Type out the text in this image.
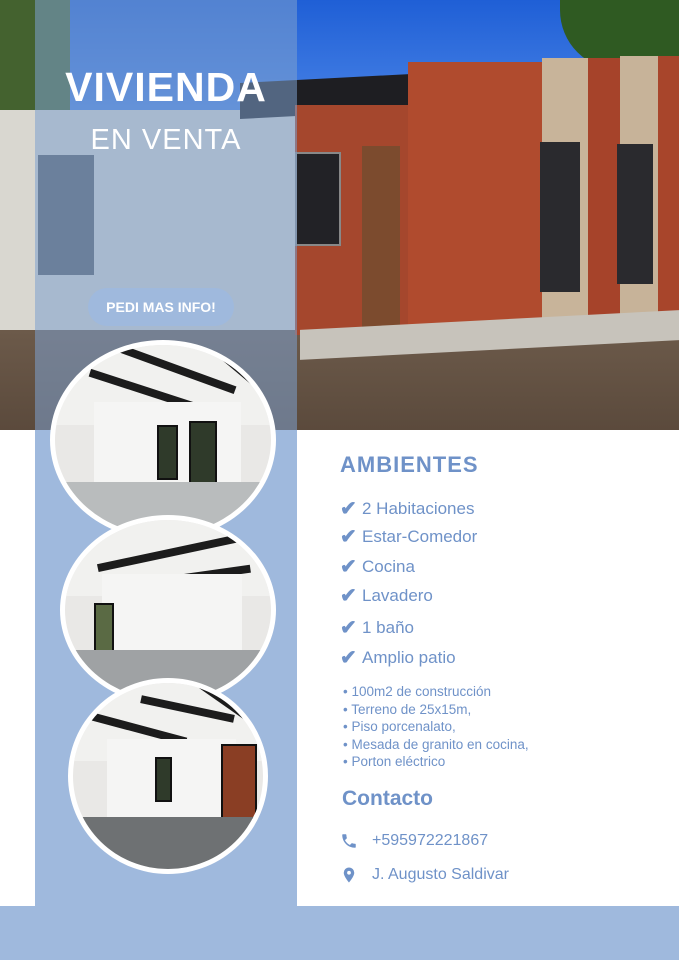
VIVIENDA
EN VENTA
PEDI MAS INFO!
AMBIENTES
✔ 2 Habitaciones
✔ Estar-Comedor
✔ Cocina
✔ Lavadero
✔ 1 baño
✔ Amplio patio
• 100m2 de construcción
• Terreno de 25x15m,
• Piso porcenalato,
• Mesada de granito en cocina,
• Porton eléctrico
Contacto
+595972221867
J. Augusto Saldivar
